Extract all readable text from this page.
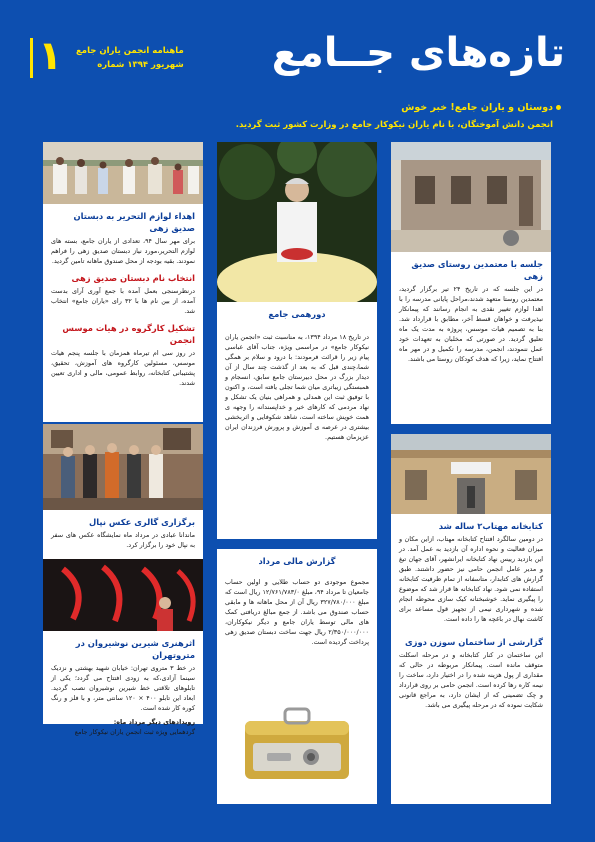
تازه‌های جــامع
۱ ماهنامه انجمن یاران جامع
شهریور ۱۳۹۴ شماره
دوستان و یاران جامع! خبر خوش
انجمن دانش آموختگان، با نام یاران نیکوکار جامع در وزارت کشور ثبت گردید.
اهداء لوازم التحریر به دبستان صدیق زهی
برای مهر سال ۹۴، تعدادی از یاران جامع، بسته های لوازم التحریر،مورد نیاز دبستان صدیق زهی را فراهم نمودند. بقیه بودجه از محل صندوق ماهانه تامین گردید.
انتخاب نام دبستان صدیق زهی
درنظرسنجی بعمل آمده با جمع آوری آرای بدست آمده، از بین نام ها با ۳۲ رای «یاران جامع» انتخاب شد.
تشکیل کارگروه در هیات موسس انجمن
در روز سی ام تیرماه همزمان با جلسه پنجم هیات موسس، مسئولین کارگروه های آموزش، تحقیق، پشتیبانی کتابخانه، روابط عمومی، مالی و اداری تعیین شدند.
برگزاری گالری عکس نپال
ماندانا عبادی در مرداد ماه نمایشگاه عکس های سفر به نپال خود را برگزار کرد.
اثرهنری شیرین نوشیروان در متروتهران
در خط ۳ متروی تهران: خیابان شهید بهشتی و نزدیک سینما آزادی،که به زودی افتتاح می گردد؛ یکی از تابلوهای تلاقتی خط شیرین نوشیروان نصب گردید. ابعاد این تابلو ۴۰۰ × ۱۲۰ سانتی متر، و با فلز و رنگ کوره کار شده است.
رویدادهای دیگر مرداد ماه:
گردهمایی ویژه ثبت انجمن یاران نیکوکار جامع
دورهمی جامع
در تاریخ ۱۸ مرداد ۱۳۹۴، به مناسبت ثبت «انجمن یاران نیکوکار جامع» در مراسمی ویژه، جناب آقای عباسی پیام زیر را قرائت فرمودند: با درود و سلام بر همگی شما،چندی قبل که به بعد از گذشت چند سال از آن دیدار بزرگ در محل دبیرستان جامع سابق، انسجام و همبستگی زیباتری میان شما تجلی یافته است، و اکنون با توفیق ثبت این همدلی و همراهی بنیان یک تشکل و نهاد مردمی که کارهای خیر و خداپسندانه را وجهه ی همت خویش ساخته است، شاهد شکوفایی و اثربخشی بیشتری در عرصه ی آموزش و پرورش فرزندان ایران عزیزمان هستیم.
گزارش مالی مرداد
مجموع موجودی دو حساب طلایی و اولین حساب جامعیان تا مرداد ۹۴، مبلغ ۱۲/۷۶۱/۷۸۳/۰ ریال است که مبلغ ۳۲۷/۷۸۰/۰۰۰ ریال آن از محل ماهانه ها و مابقی حساب صندوق می باشد. از جمع مبالغ دریافتی کمک های مالی توسط یاران جامع و دیگر نیکوکاران، ۲/۳۵۰/۰۰۰/۰۰۰ ریال جهت ساخت دبستان صدیق زهی پرداخت گردیده است.
جلسه با معتمدین روستای صدیق زهی
در این جلسه که در تاریخ ۲۴ تیر برگزار گردید، معتمدین روستا متعهد شدند،مراحل پایانی مدرسه را با اهدا لوازم تغییر نقدی به انجام رسانند که پیمانکار نیذیرفت و خواهان قسط آخر، مطابق با قرارداد شد. بنا به تصمیم هیات موسس، پروژه به مدت یک ماه تعلیق گردید. در صورتی که مخلبان به تعهدات خود عمل ننمودند، انجمن، مدرسه را تکمیل و در مهر ماه افتتاح نماید، زیرا که هدف کودکان روستا می باشند.
کتابخانه مهتاب۲ ساله شد
در دومین سالگرد افتتاح کتابخانه مهتاب، ازاین مکان و میزان فعالیت و نحوه اداره آن بازدید به عمل آمد. در این بازدید رییس نهاد کتابخانه ایرانشهر، آقای جهان تیغ و مدیر عامل انجمن حامی نیز حضور داشتند. طبق گزارش های کتابدار، متاسفانه از تمام ظرفیت کتابخانه استفاده نمی شود. نهاد کتابخانه ها قرار شد که موضوع را پیگیری نماید. خوشبختانه کیک سازی محوطه انجام شده و شهرداری نیمی از تجهیز قول مساعد برای کاشت نهال در باغچه ها را داده است.
گزارشی از ساختمان سوزن دوزی
این ساختمان در کنار کتابخانه و در مرحله اسکلت متوقف مانده است. پیمانکار مربوطه در حالی که مقداری از پول هزینه شده را در اختیار دارد، ساخت را نیمه کاره رها کرده است. انجمن حامی بر روی قرارداد و چک تضمینی که از ایشان دارد، به مراجع قانونی شکایت نموده که در مرحله پیگیری می باشد.
